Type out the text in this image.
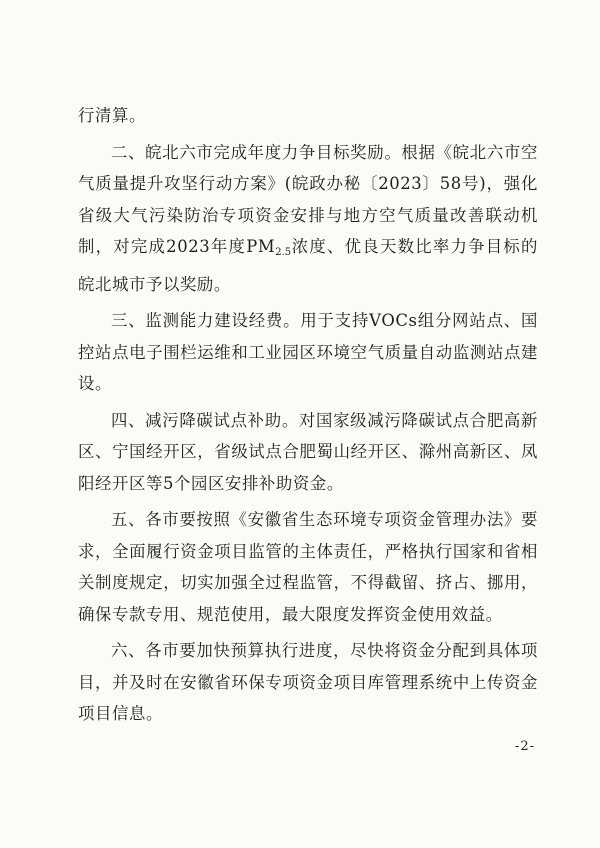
行清算。

二、皖北六市完成年度力争目标奖励。根据《皖北六市空气质量提升攻坚行动方案》(皖政办秘〔2023〕58号)，强化省级大气污染防治专项资金安排与地方空气质量改善联动机制，对完成2023年度$PM_{2.5}$浓度、优良天数比率力争目标的皖北城市予以奖励。

三、监测能力建设经费。用于支持VOCs组分网站点、国控站点电子围栏运维和工业园区环境空气质量自动监测站点建设。

四、减污降碳试点补助。对国家级减污降碳试点合肥高新区、宁国经开区，省级试点合肥蜀山经开区、滁州高新区、凤阳经开区等5个园区安排补助资金。

五、各市要按照《安徽省生态环境专项资金管理办法》要求，全面履行资金项目监管的主体责任，严格执行国家和省相关制度规定，切实加强全过程监管，不得截留、挤占、挪用，确保专款专用、规范使用，最大限度发挥资金使用效益。

六、各市要加快预算执行进度，尽快将资金分配到具体项目，并及时在安徽省环保专项资金项目库管理系统中上传资金项目信息。

-2-
